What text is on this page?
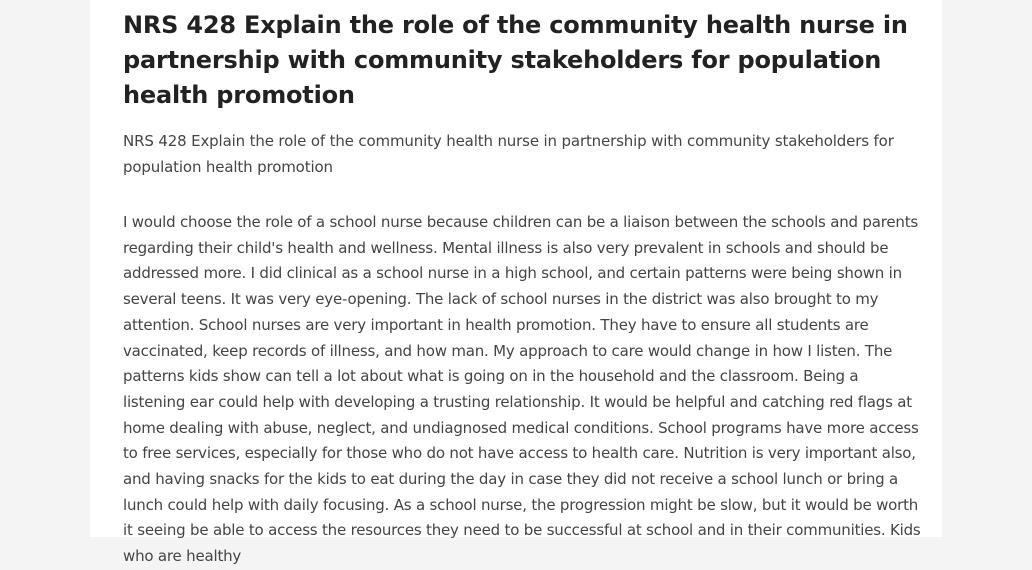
NRS 428 Explain the role of the community health nurse in partnership with community stakeholders for population health promotion

NRS 428 Explain the role of the community health nurse in partnership with community stakeholders for population health promotion

I would choose the role of a school nurse because children can be a liaison between the schools and parents regarding their child's health and wellness. Mental illness is also very prevalent in schools and should be addressed more. I did clinical as a school nurse in a high school, and certain patterns were being shown in several teens. It was very eye-opening. The lack of school nurses in the district was also brought to my attention. School nurses are very important in health promotion. They have to ensure all students are vaccinated, keep records of illness, and how man. My approach to care would change in how I listen. The patterns kids show can tell a lot about what is going on in the household and the classroom. Being a listening ear could help with developing a trusting relationship. It would be helpful and catching red flags at home dealing with abuse, neglect, and undiagnosed medical conditions. School programs have more access to free services, especially for those who do not have access to health care. Nutrition is very important also, and having snacks for the kids to eat during the day in case they did not receive a school lunch or bring a lunch could help with daily focusing. As a school nurse, the progression might be slow, but it would be worth it seeing be able to access the resources they need to be successful at school and in their communities. Kids who are healthy
